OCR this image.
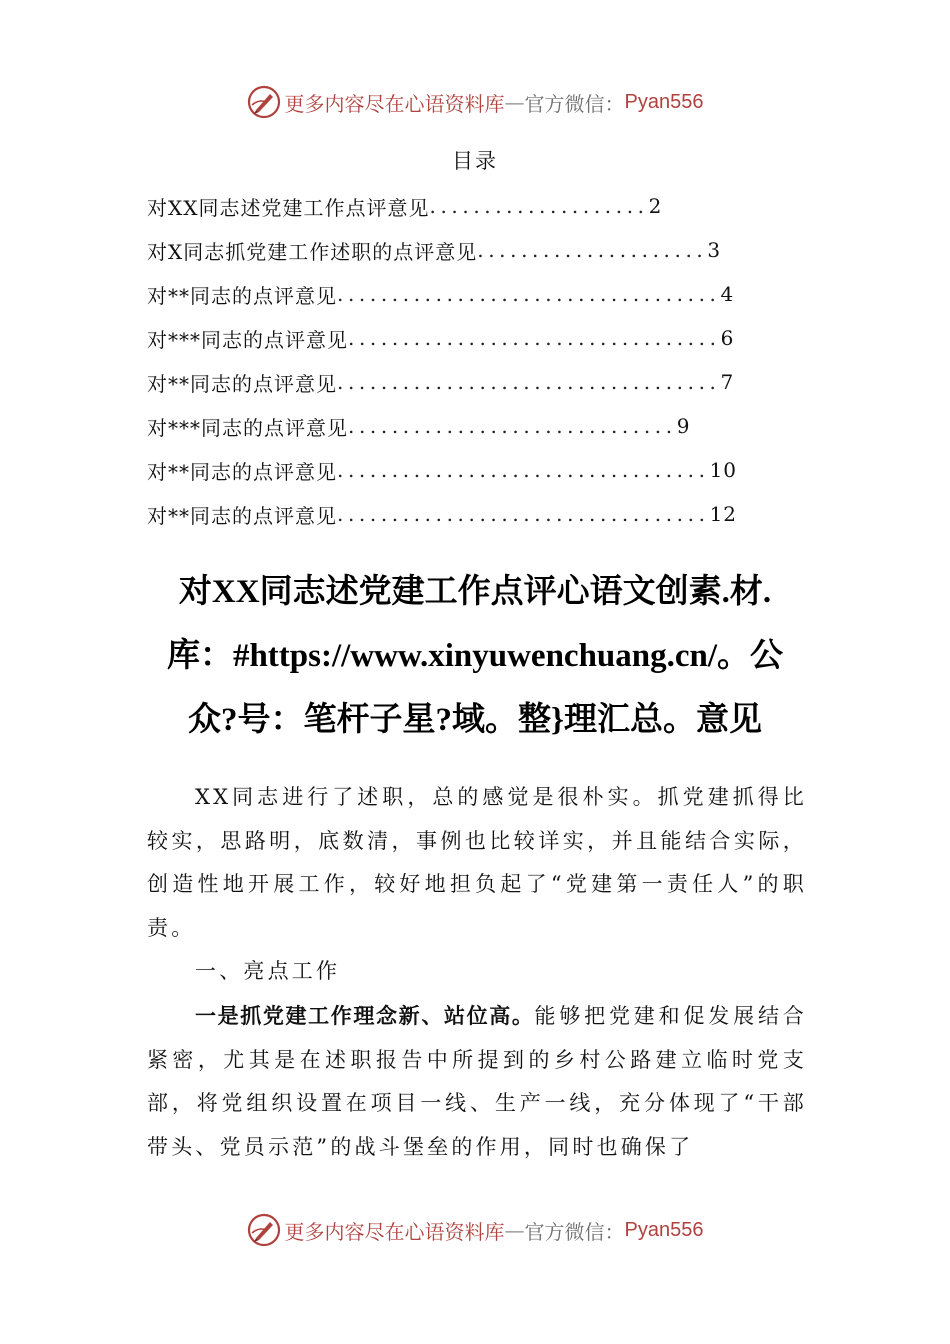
更多内容尽在心语资料库 — 官方微信： Pyan556
目录
对XX同志述党建工作点评意见 .................... 2
对X同志抓党建工作述职的点评意见 ..................... 3
对**同志的点评意见 ................................... 4
对***同志的点评意见 .................................. 6
对**同志的点评意见 ................................... 7
对***同志的点评意见 .............................. 9
对**同志的点评意见 .................................. 10
对**同志的点评意见 .................................. 12
对XX同志述党建工作点评心语文创素.材.
库：#https://www.xinyuwenchuang.cn/。公
众?号：笔杆子星?域。整}理汇总。意见

XX同志进行了述职，总的感觉是很朴实。抓党建抓得比较实，思路明，底数清，事例也比较详实，并且能结合实际，创造性地开展工作，较好地担负起了“党建第一责任人”的职责。

一、亮点工作

一是抓党建工作理念新、站位高。能够把党建和促发展结合紧密，尤其是在述职报告中所提到的乡村公路建立临时党支部，将党组织设置在项目一线、生产一线，充分体现了“干部带头、党员示范”的战斗堡垒的作用，同时也确保了

更多内容尽在心语资料库 — 官方微信： Pyan556
